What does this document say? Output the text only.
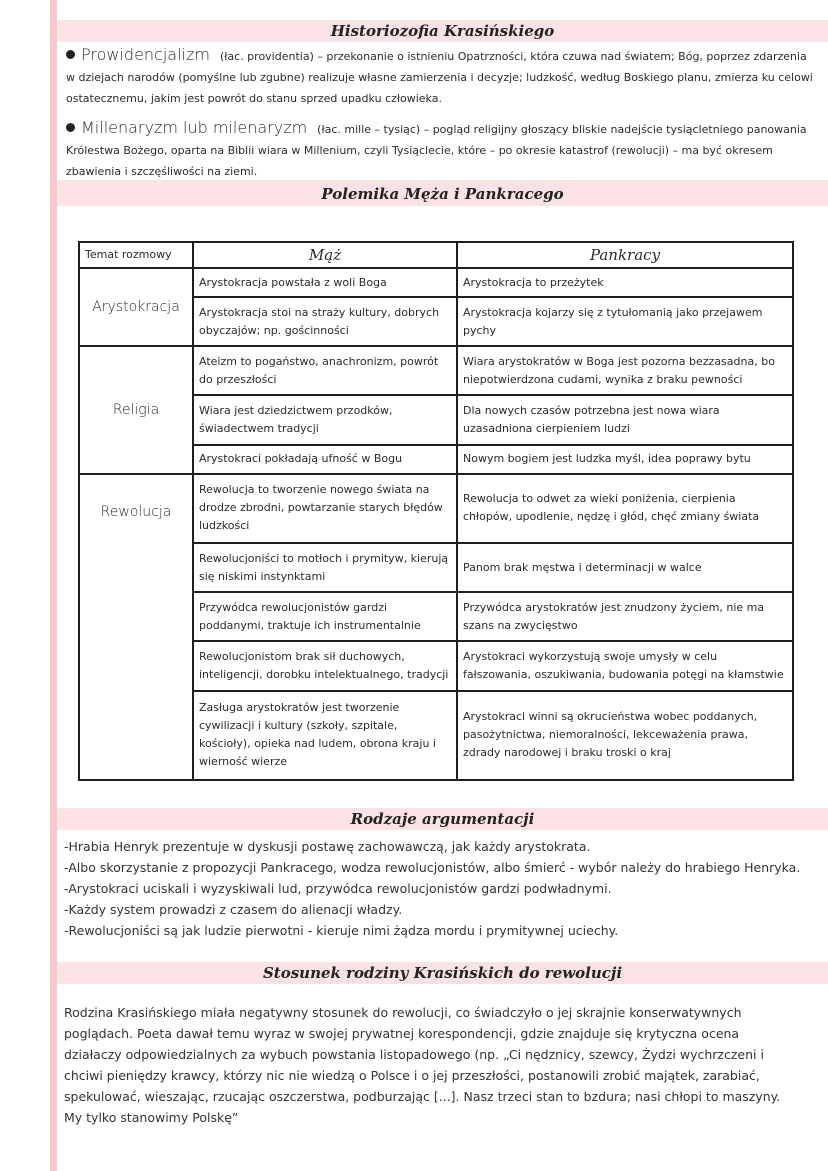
Historiozofia Krasińskiego
Prowidencjalizm (łac. providentia) – przekonanie o istnieniu Opatrzności, która czuwa nad światem; Bóg, poprzez zdarzenia w dziejach narodów (pomyślne lub zgubne) realizuje własne zamierzenia i decyzje; ludzkość, według Boskiego planu, zmierza ku celowi ostatecznemu, jakim jest powrót do stanu sprzed upadku człowieka.
Millenaryzm lub milenaryzm (łac. mille – tysiąc) – pogląd religijny głoszący bliskie nadejście tysiącletniego panowania Królestwa Bożego, oparta na Biblii wiara w Millenium, czyli Tysiąclecie, które – po okresie katastrof (rewolucji) – ma być okresem zbawienia i szczęśliwości na ziemi.
Polemika Męża i Pankracego
Temat rozmowy	Mąż	Pankracy
Arystokracja	Arystokracja powstała z woli Boga	Arystokracja to przeżytek
	Arystokracja stoi na straży kultury, dobrych obyczajów; np. gościnności	Arystokracja kojarzy się z tytułomanią jako przejawem pychy
Religia	Ateizm to pogaństwo, anachronizm, powrót do przeszłości	Wiara arystokratów w Boga jest pozorna bezzasadna, bo niepotwierdzona cudami, wynika z braku pewności
	Wiara jest dziedzictwem przodków, świadectwem tradycji	Dla nowych czasów potrzebna jest nowa wiara uzasadniona cierpieniem ludzi
	Arystokraci pokładają ufność w Bogu	Nowym bogiem jest ludzka myśl, idea poprawy bytu
Rewolucja	Rewolucja to tworzenie nowego świata na drodze zbrodni, powtarzanie starych błędów ludzkości	Rewolucja to odwet za wieki poniżenia, cierpienia chłopów, upodlenie, nędzę i głód, chęć zmiany świata
	Rewolucjoniści to motłoch i prymityw, kierują się niskimi instynktami	Panom brak męstwa i determinacji w walce
	Przywódca rewolucjonistów gardzi poddanymi, traktuje ich instrumentalnie	Przywódca arystokratów jest znudzony życiem, nie ma szans na zwycięstwo
	Rewolucjonistom brak sił duchowych, inteligencji, dorobku intelektualnego, tradycji	Arystokraci wykorzystują swoje umysły w celu fałszowania, oszukiwania, budowania potęgi na kłamstwie
	Zasługa arystokratów jest tworzenie cywilizacji i kultury (szkoły, szpitale, kościoły), opieka nad ludem, obrona kraju i wierność wierze	Arystokraci winni są okrucieństwa wobec poddanych, pasożytnictwa, niemoralności, lekceważenia prawa, zdrady narodowej i braku troski o kraj
Rodzaje argumentacji
-Hrabia Henryk prezentuje w dyskusji postawę zachowawczą, jak każdy arystokrata.
-Albo skorzystanie z propozycji Pankracego, wodza rewolucjonistów, albo śmierć - wybór należy do hrabiego Henryka.
-Arystokraci uciskali i wyzyskiwali lud, przywódca rewolucjonistów gardzi podwładnymi.
-Każdy system prowadzi z czasem do alienacji władzy.
-Rewolucjoniści są jak ludzie pierwotni - kieruje nimi żądza mordu i prymitywnej uciechy.
Stosunek rodziny Krasińskich do rewolucji
Rodzina Krasińskiego miała negatywny stosunek do rewolucji, co świadczyło o jej skrajnie konserwatywnych poglądach. Poeta dawał temu wyraz w swojej prywatnej korespondencji, gdzie znajduje się krytyczna ocena działaczy odpowiedzialnych za wybuch powstania listopadowego (np. „Ci nędznicy, szewcy, Żydzi wychrzczeni i chciwi pieniędzy krawcy, którzy nic nie wiedzą o Polsce i o jej przeszłości, postanowili zrobić majątek, zarabiać, spekulować, wieszając, rzucając oszczerstwa, podburzając [...]. Nasz trzeci stan to bzdura; nasi chłopi to maszyny. My tylko stanowimy Polskę”
